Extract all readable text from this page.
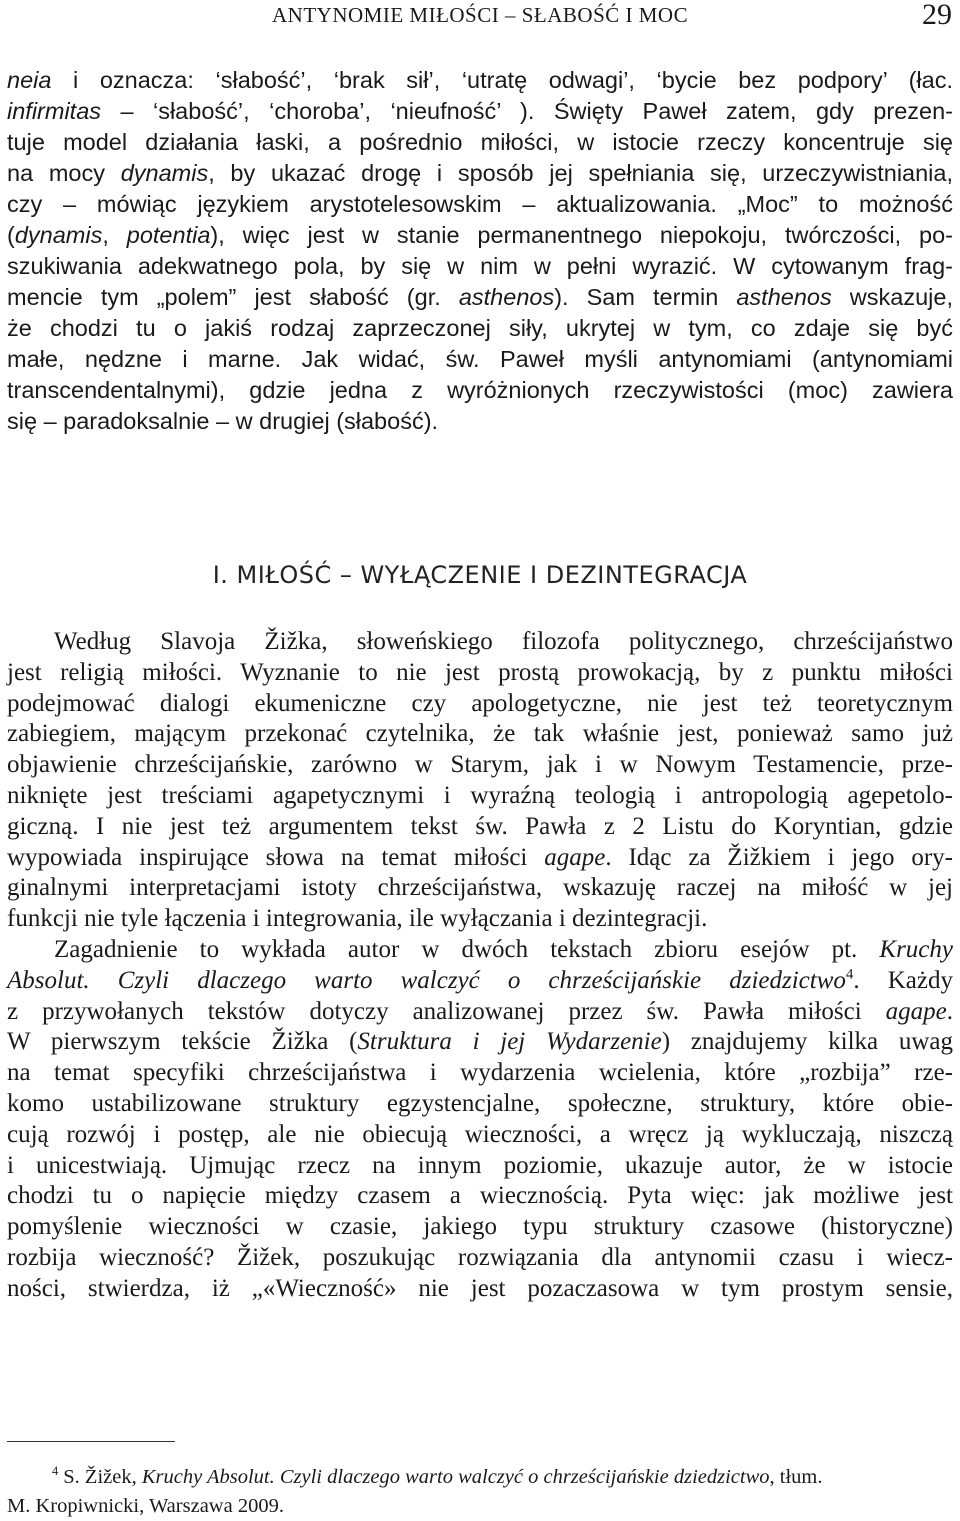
ANTYNOMIE MIŁOŚCI – SŁABOŚĆ I MOC	29
neia i oznacza: ‘słabość’, ‘brak sił’, ‘utratę odwagi’, ‘bycie bez podpory’ (łac.
infirmitas – ‘słabość’, ‘choroba’, ‘nieufność’ ). Święty Paweł zatem, gdy prezen-
tuje model działania łaski, a pośrednio miłości, w istocie rzeczy koncentruje się
na mocy dynamis, by ukazać drogę i sposób jej spełniania się, urzeczywistniania,
czy – mówiąc językiem arystotelesowskim – aktualizowania. „Moc” to możność
(dynamis, potentia), więc jest w stanie permanentnego niepokoju, twórczości, po-
szukiwania adekwatnego pola, by się w nim w pełni wyrazić. W cytowanym frag-
mencie tym „polem” jest słabość (gr. asthenos). Sam termin asthenos wskazuje,
że chodzi tu o jakiś rodzaj zaprzeczonej siły, ukrytej w tym, co zdaje się być
małe, nędzne i marne. Jak widać, św. Paweł myśli antynomiami (antynomiami
transcendentalnymi), gdzie jedna z wyróżnionych rzeczywistości (moc) zawiera
się – paradoksalnie – w drugiej (słabość).
I. MIŁOŚĆ – WYŁĄCZENIE I DEZINTEGRACJA
Według Slavoja Žižka, słoweńskiego filozofa politycznego, chrześcijaństwo
jest religią miłości. Wyznanie to nie jest prostą prowokacją, by z punktu miłości
podejmować dialogi ekumeniczne czy apologetyczne, nie jest też teoretycznym
zabiegiem, mającym przekonać czytelnika, że tak właśnie jest, ponieważ samo już
objawienie chrześcijańskie, zarówno w Starym, jak i w Nowym Testamencie, prze-
niknięte jest treściami agapetycznymi i wyraźną teologią i antropologią agepetolo-
giczną. I nie jest też argumentem tekst św. Pawła z 2 Listu do Koryntian, gdzie
wypowiada inspirujące słowa na temat miłości agape. Idąc za Žižkiem i jego ory-
ginalnymi interpretacjami istoty chrześcijaństwa, wskazuję raczej na miłość w jej
funkcji nie tyle łączenia i integrowania, ile wyłączania i dezintegracji.
Zagadnienie to wykłada autor w dwóch tekstach zbioru esejów pt. Kruchy
Absolut. Czyli dlaczego warto walczyć o chrześcijańskie dziedzictwo$^4$. Każdy
z przywołanych tekstów dotyczy analizowanej przez św. Pawła miłości agape.
W pierwszym tekście Žižka (Struktura i jej Wydarzenie) znajdujemy kilka uwag
na temat specyfiki chrześcijaństwa i wydarzenia wcielenia, które „rozbija” rze-
komo ustabilizowane struktury egzystencjalne, społeczne, struktury, które obie-
cują rozwój i postęp, ale nie obiecują wieczności, a wręcz ją wykluczają, niszczą
i unicestwiają. Ujmując rzecz na innym poziomie, ukazuje autor, że w istocie
chodzi tu o napięcie między czasem a wiecznością. Pyta więc: jak możliwe jest
pomyślenie wieczności w czasie, jakiego typu struktury czasowe (historyczne)
rozbija wieczność? Žižek, poszukując rozwiązania dla antynomii czasu i wiecz-
ności, stwierdza, iż „«Wieczność» nie jest pozaczasowa w tym prostym sensie,
$^4$ S. Žižek, Kruchy Absolut. Czyli dlaczego warto walczyć o chrześcijańskie dziedzictwo, tłum.
M. Kropiwnicki, Warszawa 2009.
